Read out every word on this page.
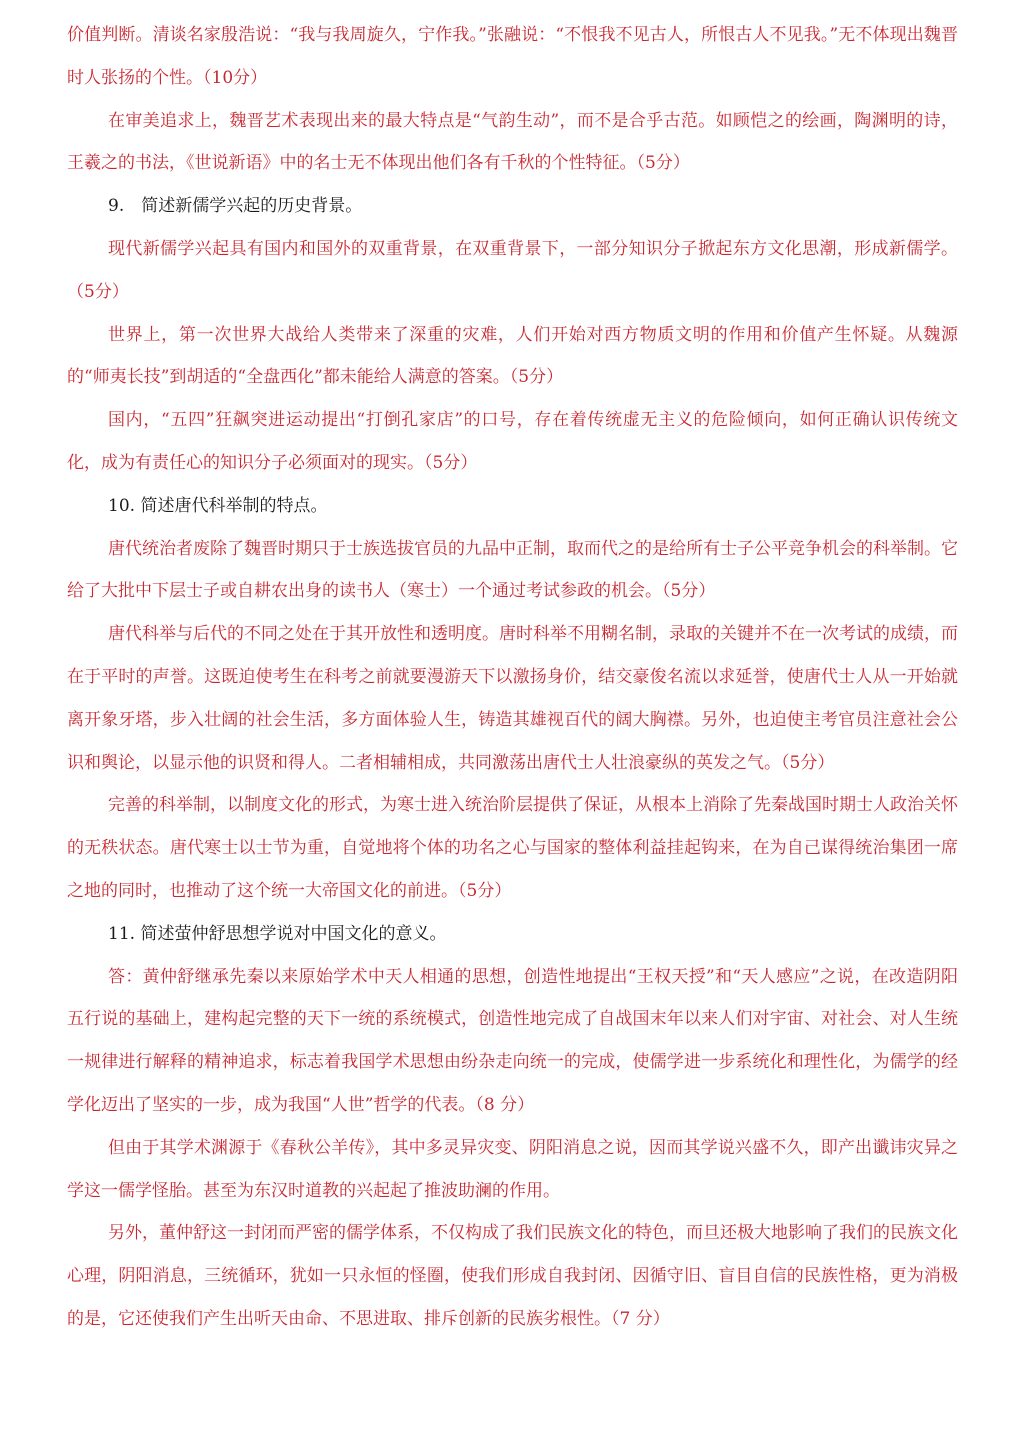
价值判断。清谈名家殷浩说：“我与我周旋久，宁作我。”张融说：“不恨我不见古人，所恨古人不见我。”无不体现出魏晋时人张扬的个性。（10分）

在审美追求上，魏晋艺术表现出来的最大特点是“气韵生动”，而不是合乎古范。如顾恺之的绘画，陶渊明的诗，王羲之的书法，《世说新语》中的名士无不体现出他们各有千秋的个性特征。（5分）

9.　简述新儒学兴起的历史背景。

现代新儒学兴起具有国内和国外的双重背景，在双重背景下，一部分知识分子掀起东方文化思潮，形成新儒学。（5分）

世界上，第一次世界大战给人类带来了深重的灾难，人们开始对西方物质文明的作用和价值产生怀疑。从魏源的“师夷长技”到胡适的“全盘西化”都未能给人满意的答案。（5分）

国内，“五四”狂飙突进运动提出“打倒孔家店”的口号，存在着传统虚无主义的危险倾向，如何正确认识传统文化，成为有责任心的知识分子必须面对的现实。（5分）

10. 简述唐代科举制的特点。

唐代统治者废除了魏晋时期只于士族选拔官员的九品中正制，取而代之的是给所有士子公平竞争机会的科举制。它给了大批中下层士子或自耕农出身的读书人（寒士）一个通过考试参政的机会。（5分）

唐代科举与后代的不同之处在于其开放性和透明度。唐时科举不用糊名制，录取的关键并不在一次考试的成绩，而在于平时的声誉。这既迫使考生在科考之前就要漫游天下以激扬身价，结交豪俊名流以求延誉，使唐代士人从一开始就离开象牙塔，步入壮阔的社会生活，多方面体验人生，铸造其雄视百代的阔大胸襟。另外，也迫使主考官员注意社会公识和舆论，以显示他的识贤和得人。二者相辅相成，共同激荡出唐代士人壮浪豪纵的英发之气。（5分）

完善的科举制，以制度文化的形式，为寒士进入统治阶层提供了保证，从根本上消除了先秦战国时期士人政治关怀的无秩状态。唐代寒士以士节为重，自觉地将个体的功名之心与国家的整体利益挂起钩来，在为自己谋得统治集团一席之地的同时，也推动了这个统一大帝国文化的前进。（5分）

11. 简述萤仲舒思想学说对中国文化的意义。

答：黄仲舒继承先秦以来原始学术中天人相通的思想，创造性地提出“王权天授”和“天人感应”之说，在改造阴阳五行说的基础上，建构起完整的天下一统的系统模式，创造性地完成了自战国末年以来人们对宇宙、对社会、对人生统一规律进行解释的精神追求，标志着我国学术思想由纷杂走向统一的完成，使儒学进一步系统化和理性化，为儒学的经学化迈出了坚实的一步，成为我国“人世”哲学的代表。（8 分）

但由于其学术渊源于《春秋公羊传》，其中多灵异灾变、阴阳消息之说，因而其学说兴盛不久，即产出谶讳灾异之学这一儒学怪胎。甚至为东汉时道教的兴起起了推波助澜的作用。

另外，董仲舒这一封闭而严密的儒学体系，不仅构成了我们民族文化的特色，而旦还极大地影响了我们的民族文化心理，阴阳消息，三统循环，犹如一只永恒的怪圈，使我们形成自我封闭、因循守旧、盲目自信的民族性格，更为消极的是，它还使我们产生出听天由命、不思进取、排斥创新的民族劣根性。（7 分）
